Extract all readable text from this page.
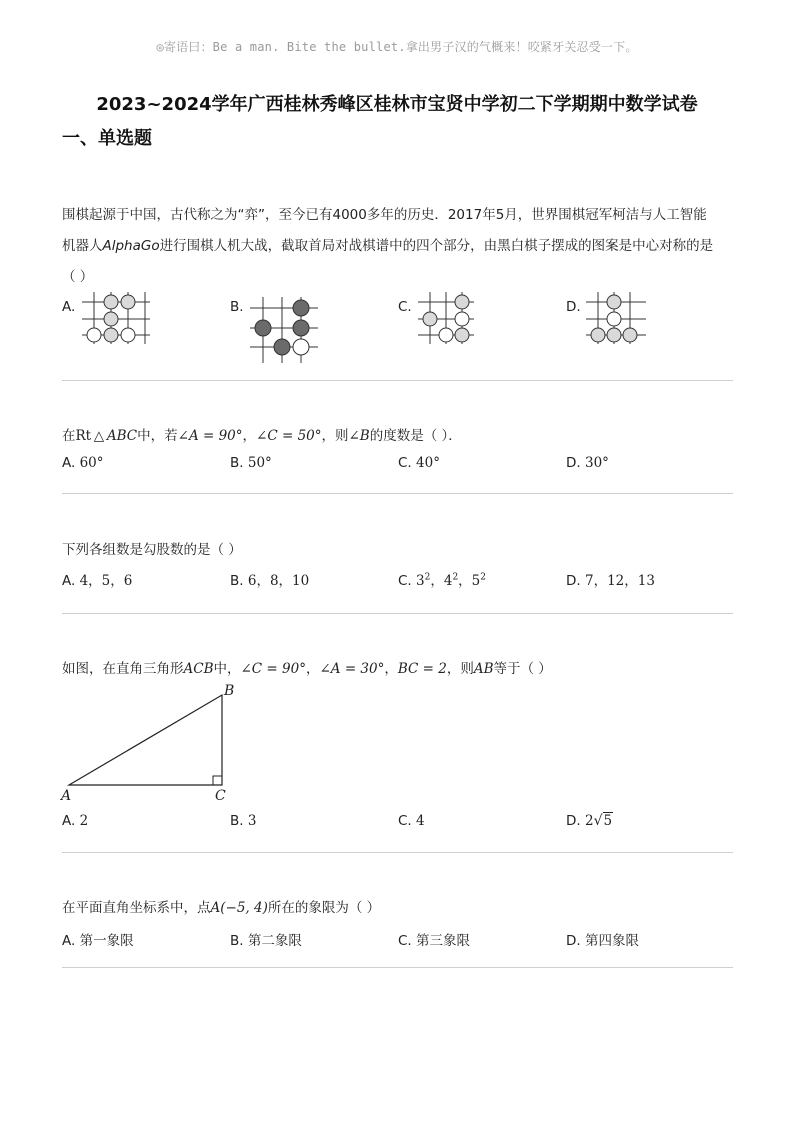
◎寄语曰：Be a man. Bite the bullet.拿出男子汉的气概来！咬紧牙关忍受一下。
2023~2024学年广西桂林秀峰区桂林市宝贤中学初二下学期期中数学试卷
一、单选题
围棋起源于中国，古代称之为“弈”，至今已有4000多年的历史．2017年5月，世界围棋冠军柯洁与人工智能
机器人AlphaGo进行围棋人机大战，截取首局对战棋谱中的四个部分，由黑白棋子摆成的图案是中心对称的是
（ ）
A.	B.	C.	D.
在Rt  △  ABC中，若∠A = 90°，∠C = 50°，则∠B的度数是（ ）．
A. 60°	B. 50°	C. 40°	D. 30°
下列各组数是勾股数的是（ ）
A. 4，5，6	B. 6，8，10	C. $3^2$，$4^2$，$5^2$	D. 7，12，13
如图，在直角三角形ACB中，∠C = 90°，∠A = 30°，BC = 2，则AB等于（ ）
A
B
C
A. 2	B. 3	C. 4	D. 2√5
在平面直角坐标系中，点A(−5, 4)所在的象限为（ ）
A. 第一象限	B. 第二象限	C. 第三象限	D. 第四象限
